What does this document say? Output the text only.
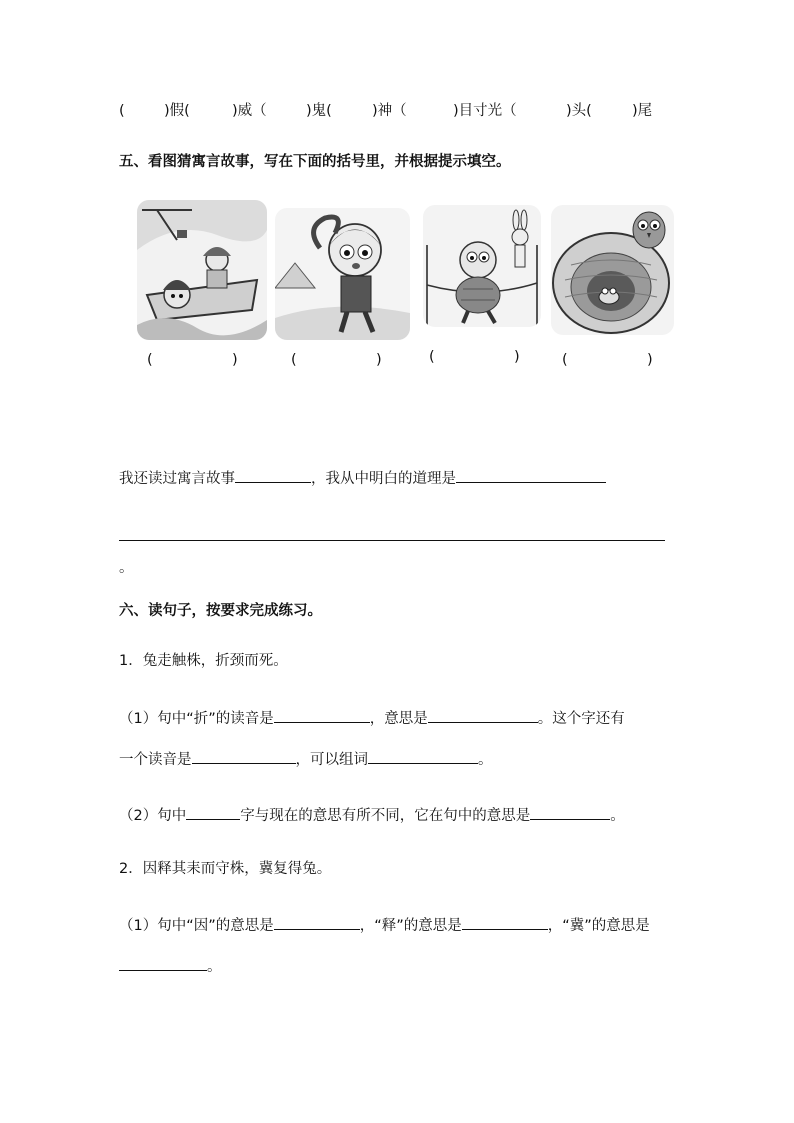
(	)假(	)威（	)鬼(	)神（	)目寸光（	)头(	)尾
五、看图猜寓言故事，写在下面的括号里，并根据提示填空。
(	)	(	)	(	)	(	)
我还读过寓言故事	，我从中明白的道理是
。
六、读句子，按要求完成练习。
1．兔走触株，折颈而死。
（1）句中“折”的读音是	，意思是	。这个字还有
一个读音是	，可以组词	。
（2）句中	字与现在的意思有所不同，它在句中的意思是	。
2．因释其耒而守株，冀复得兔。
（1）句中“因”的意思是	，“释”的意思是	，“冀”的意思是
。
